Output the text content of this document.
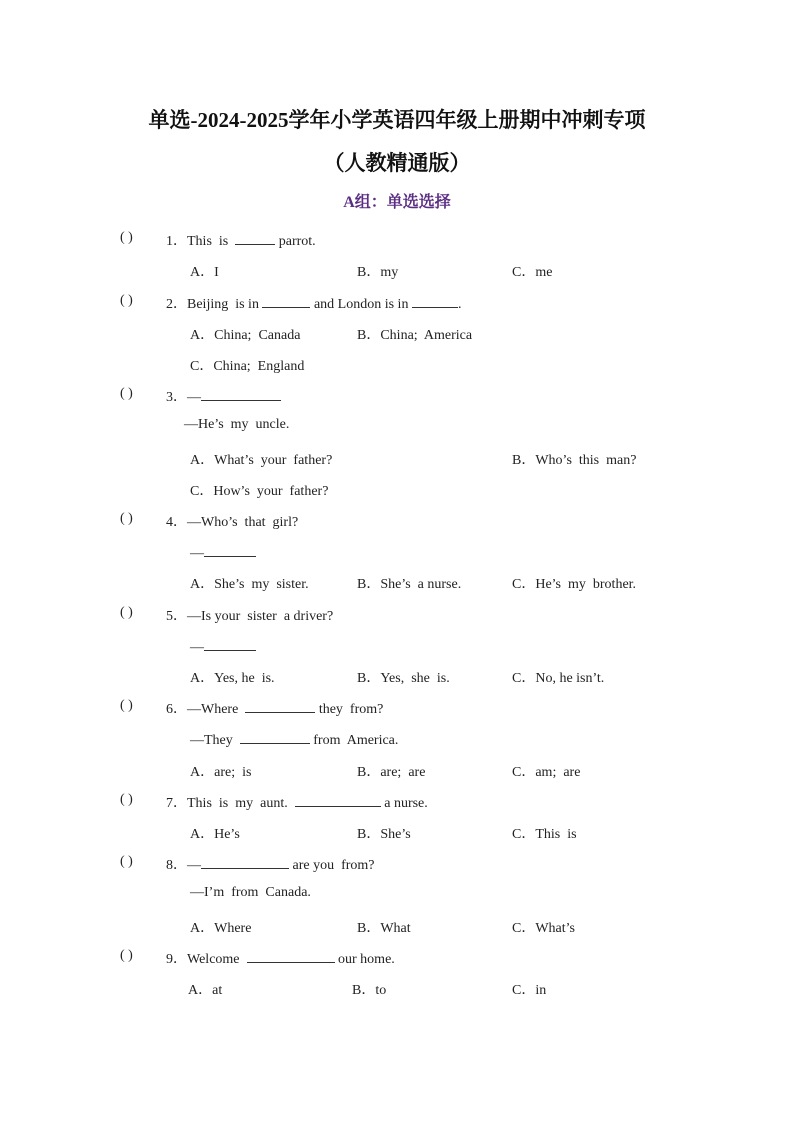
单选-2024-2025学年小学英语四年级上册期中冲刺专项
（人教精通版）
A组：单选选择
( ) 1．This  is	parrot.
A．I	B．my	C．me
( ) 2．Beijing  is in	and London is in	.
A．China;  Canada	B．China;  America
C．China;  England
( ) 3．—
—He’s  my  uncle.
A．What’s  your  father?	B．Who’s  this  man?
C．How’s  your  father?
( ) 4．—Who’s  that  girl?
—
A．She’s  my  sister.	B．She’s  a nurse.	C．He’s  my  brother.
( ) 5．—Is your  sister  a driver?
—
A．Yes, he  is.	B．Yes,  she  is.	C．No, he isn’t.
( ) 6．—Where	they  from?
—They	from  America.
A．are;  is	B．are;  are	C．am;  are
( ) 7．This  is  my  aunt.	a nurse.
A．He’s	B．She’s	C．This  is
( ) 8．—	are you  from?
—I’m  from  Canada.
A．Where	B．What	C．What’s
( ) 9．Welcome	our home.
A．at	B．to	C．in
